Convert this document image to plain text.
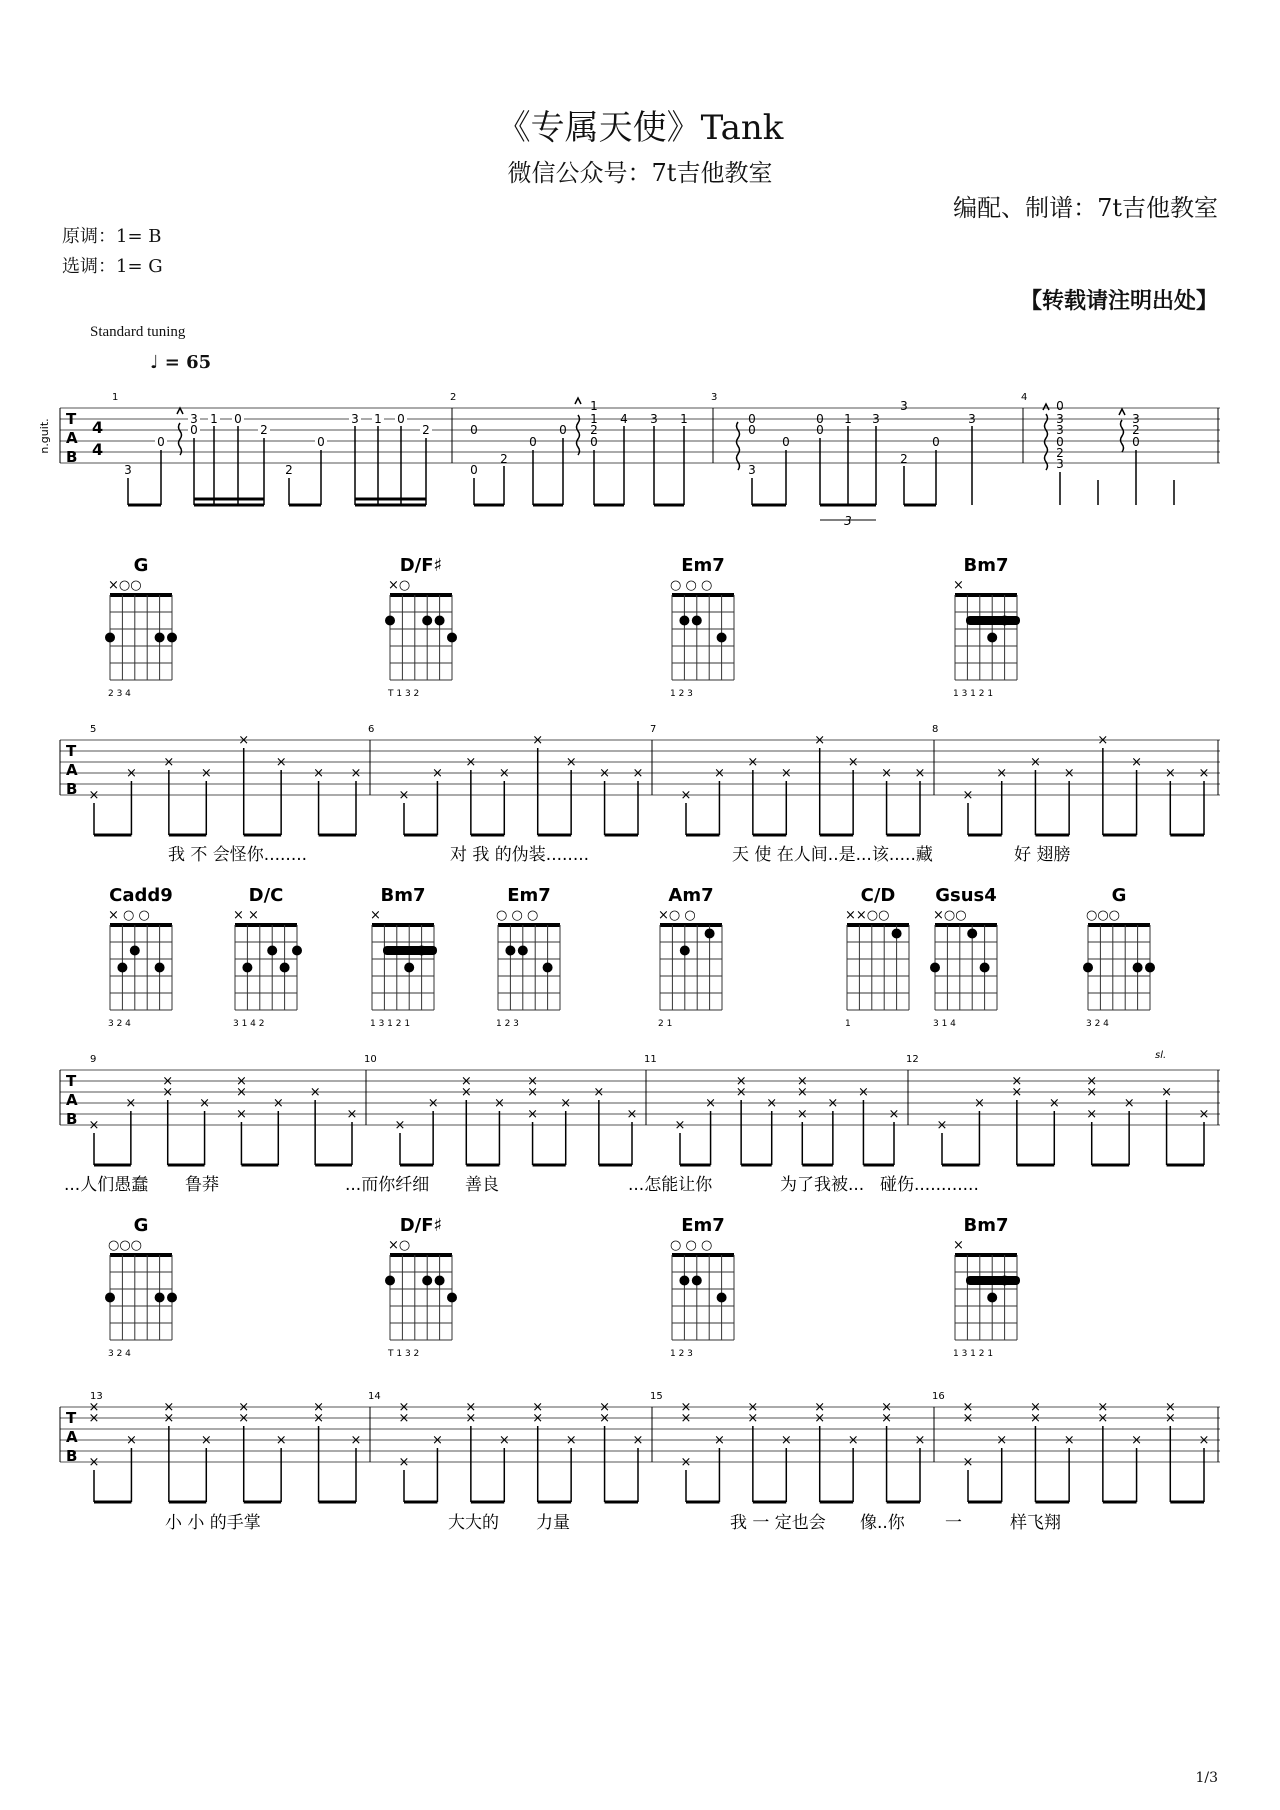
《专属天使》Tank
微信公众号：7t吉他教室
编配、制谱：7t吉他教室
原调：1= B
选调：1= G
【转载请注明出处】
Standard tuning
♩ = 65
n.guit. T
A
B
4
4
1	2	3	4
3
0
3
0
1 0
2
2
0
3 1 0
2
0
0
2
0
0
1
1
2
0
4 3 1	0
0
3
0
0
0
1 3
3
2
0
3
0
3
3
0
2
3
3
2
0
3
T
A
B
5	6	7	8
T
A
B
9	10	11	12	sl.
T
A
B
13	14	15	16
×
×
×
×
×
×
× ×
×
×
×
×
×
×
× ×
×
×
×
×
×
×
× ×
×
×
×
×
×
×
× ×
×
×
×
×
×
×
×
×
×
×
×
×
×
×
×
×
×
×
×
×
×
×
×
×
×
×
×
×
×
×
×
×
×
×
×
×
×
×
×
×
×
×
×
×
×
×
×
×
×
×
×
×
×
×
×
×
×
×
×
×
×
×
×
×
×
×
×
×
×
×
×
×
×
×
×
×
×
×
×
×
×
×
×
×
×
×
×
×
×
×
×
×
×
×
×
×
G
×○○
2 3 4
D/F♯
×○
T 1 3 2
Em7
○ ○ ○
1 2 3
Bm7
×
1 3 1 2 1
Cadd9
× ○ ○
3 2 4
D/C
× ×
3 1 4 2
Bm7
×
1 3 1 2 1
Em7
○ ○ ○
1 2 3
Am7
×○ ○
2 1
C/D
××○○
1
Gsus4
×○○
3 1 4
G
○○○
3 2 4
G
○○○
3 2 4
D/F♯
×○
T 1 3 2
Em7
○ ○ ○
1 2 3
Bm7
×
1 3 1 2 1
我 不 会怪你........	对 我 的伪装........	天 使 在人间..是...该.....藏	好 翅膀
...人们愚蠢 鲁莽	...而你纤细 善良	...怎能让你	为了我被... 碰伤............
小 小 的手掌	大大的 力量	我 一 定也会 像..你 一	样飞翔
1/3
